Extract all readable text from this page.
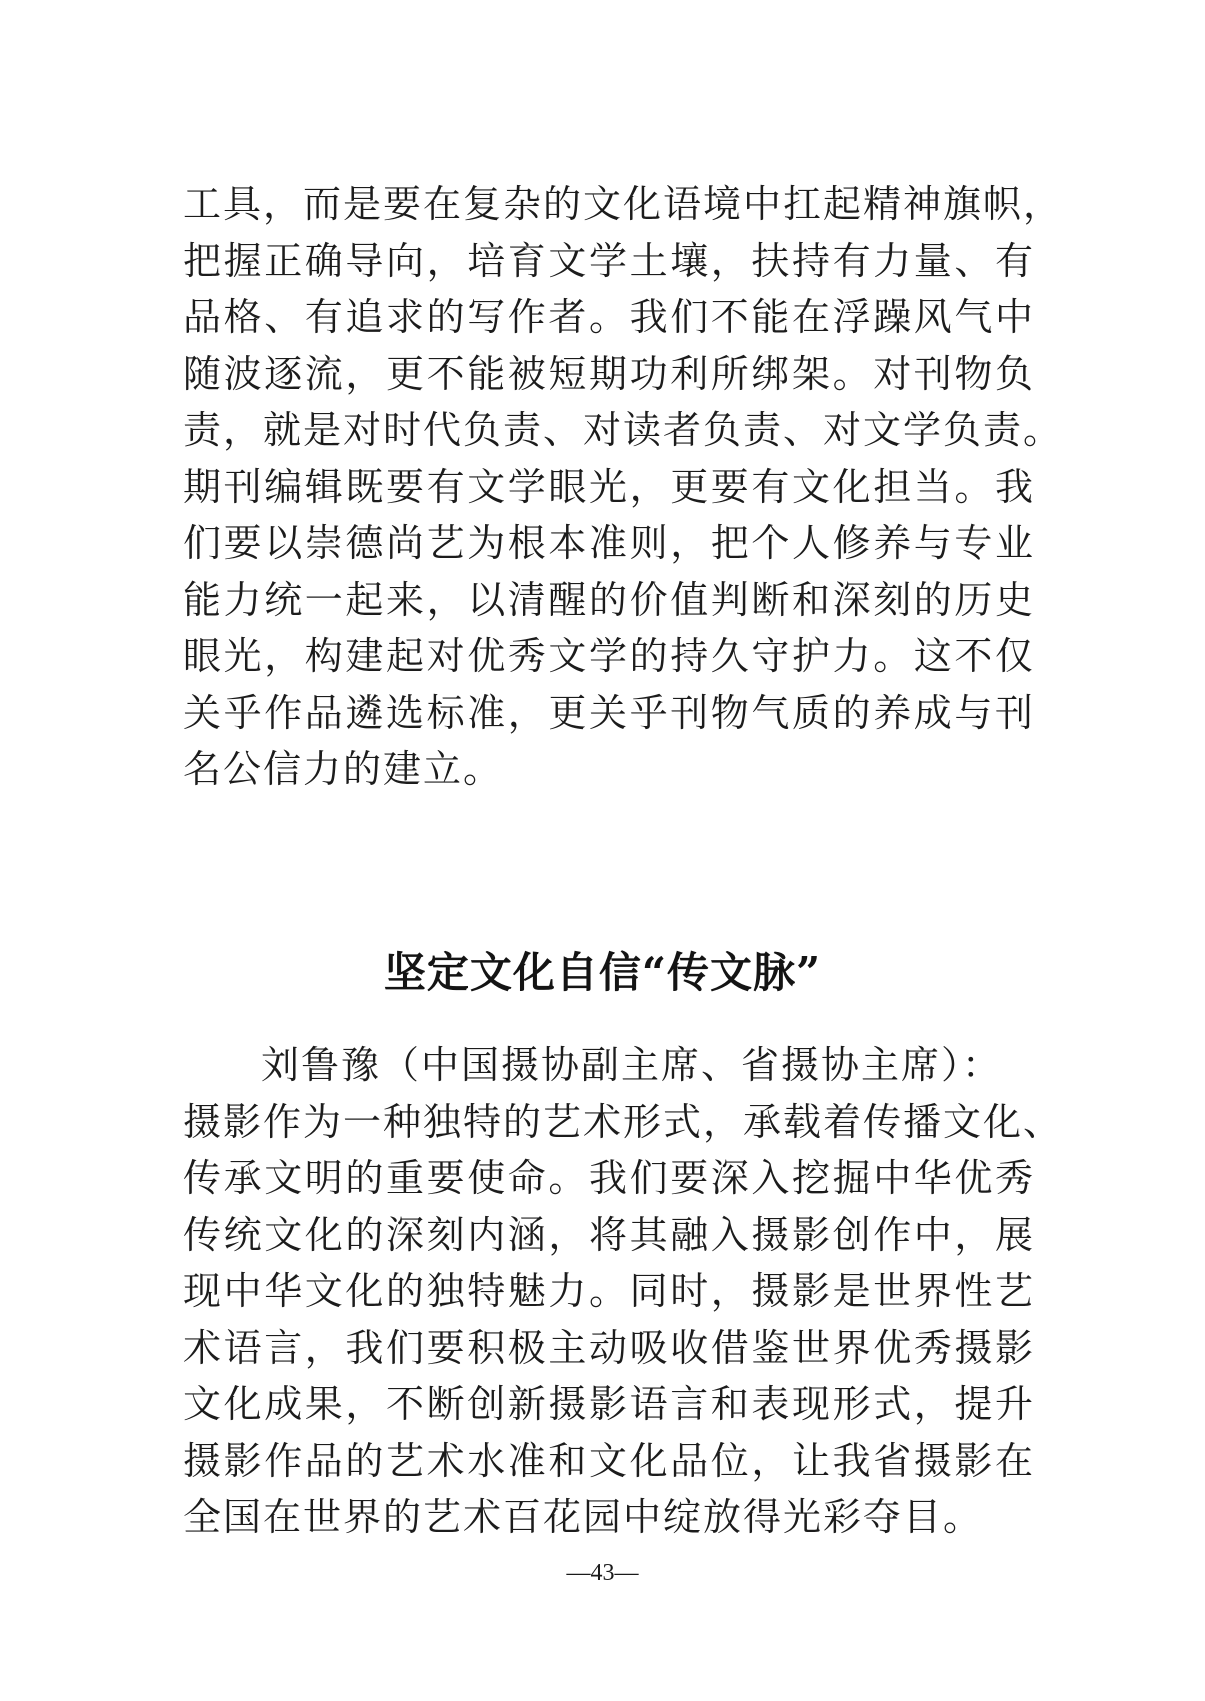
工具，而是要在复杂的文化语境中扛起精神旗帜，
把握正确导向，培育文学土壤，扶持有力量、有
品格、有追求的写作者。我们不能在浮躁风气中
随波逐流，更不能被短期功利所绑架。对刊物负
责，就是对时代负责、对读者负责、对文学负责。
期刊编辑既要有文学眼光，更要有文化担当。我
们要以崇德尚艺为根本准则，把个人修养与专业
能力统一起来，以清醒的价值判断和深刻的历史
眼光，构建起对优秀文学的持久守护力。这不仅
关乎作品遴选标准，更关乎刊物气质的养成与刊
名公信力的建立。
坚定文化自信“传文脉”
刘鲁豫（中国摄协副主席、省摄协主席）：
摄影作为一种独特的艺术形式，承载着传播文化、
传承文明的重要使命。我们要深入挖掘中华优秀
传统文化的深刻内涵，将其融入摄影创作中，展
现中华文化的独特魅力。同时，摄影是世界性艺
术语言，我们要积极主动吸收借鉴世界优秀摄影
文化成果，不断创新摄影语言和表现形式，提升
摄影作品的艺术水准和文化品位，让我省摄影在
全国在世界的艺术百花园中绽放得光彩夺目。
—43—
